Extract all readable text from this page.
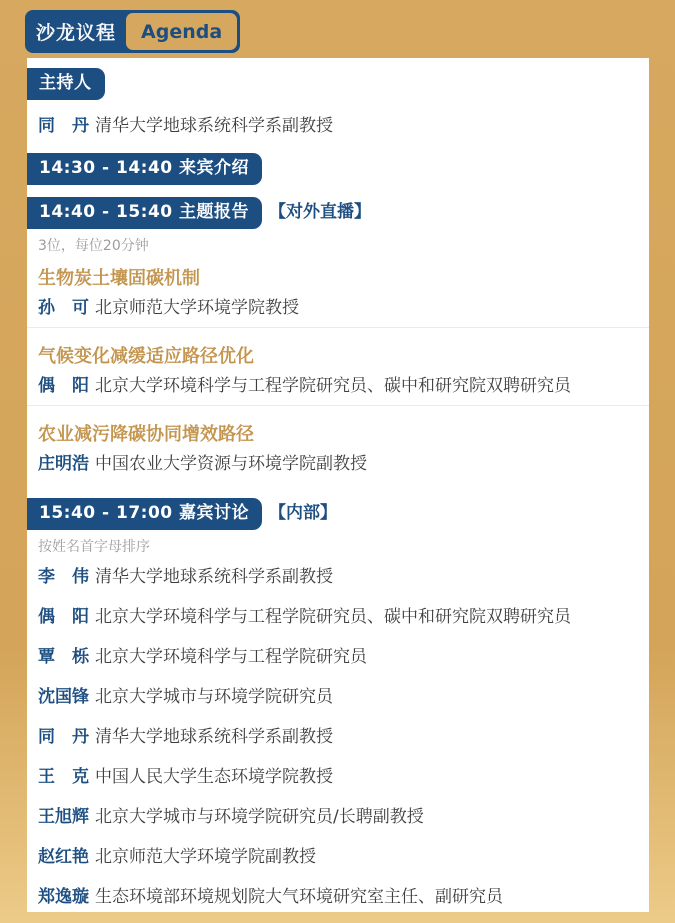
沙龙议程	Agenda
主持人
同　丹 清华大学地球系统科学系副教授
14:30 - 14:40 来宾介绍
14:40 - 15:40 主题报告 【对外直播】
3位，每位20分钟
生物炭土壤固碳机制
孙　可 北京师范大学环境学院教授
气候变化减缓适应路径优化
偶　阳 北京大学环境科学与工程学院研究员、碳中和研究院双聘研究员
农业减污降碳协同增效路径
庄明浩 中国农业大学资源与环境学院副教授
15:40 - 17:00 嘉宾讨论 【内部】
按姓名首字母排序
李　伟 清华大学地球系统科学系副教授
偶　阳 北京大学环境科学与工程学院研究员、碳中和研究院双聘研究员
覃　栎 北京大学环境科学与工程学院研究员
沈国锋 北京大学城市与环境学院研究员
同　丹 清华大学地球系统科学系副教授
王　克 中国人民大学生态环境学院教授
王旭辉 北京大学城市与环境学院研究员/长聘副教授
赵红艳 北京师范大学环境学院副教授
郑逸璇 生态环境部环境规划院大气环境研究室主任、副研究员
